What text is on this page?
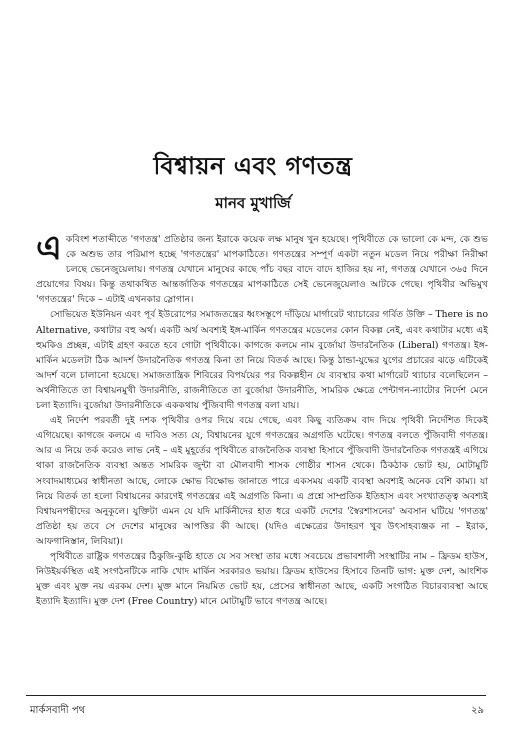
বিশ্বায়ন এবং গণতন্ত্র
মানব মুখার্জি

একবিংশ শতাব্দীতে 'গণতন্ত্র' প্রতিষ্ঠার জন্য ইরাকে কয়েক লক্ষ মানুষ খুন হয়েছে। পৃথিবীতে কে ভালো কে মন্দ, কে শুভ কে অশুভ তার পরিমাপ হচ্ছে 'গণতন্ত্রের' মাপকাঠিতে। গণতন্ত্রের সম্পূর্ণ একটা নতুন মডেল নিয়ে পরীক্ষা নিরীক্ষা চলছে ভেনেজুয়েলায়। গণতন্ত্র যেখানে মানুষের কাছে পাঁচ বছর বাদে বাদে হাজির হয় না, গণতন্ত্র যেখানে ৩৬৫ দিনে প্রয়োগের বিষয়। কিন্তু তথাকথিত আন্তর্জাতিক গণতন্ত্রের মাপকাঠিতে সেই ভেনেজুয়েলাও আটকে গেছে। পৃথিবীর অভিমুখ 'গণতন্ত্রের' দিকে – এটাই এখনকার স্লোগান।

সোভিয়েত ইউনিয়ন এবং পূর্ব ইউরোপের সমাজতন্ত্রের ধ্বংসস্তূপে দাঁড়িয়ে মার্গারেট থ্যাচারের গর্বিত উক্তি – There is no Alternative, কথাটার বহু অর্থ। একটি অর্থ অবশ্যই ইঙ্গ-মার্কিন গণতন্ত্রের মডেলের কোন বিকল্প নেই, এবং কথাটার মধ্যে এই হুমকিও প্রচ্ছন্ন, এটাই গ্রহণ করতে হবে গোটা পৃথিবীকে। কাগজে কলমে নাম বুর্জোয়া উদারনৈতিক (Liberal) গণতন্ত্র। ইঙ্গ-মার্কিন মডেলটা ঠিক আদর্শ উদারনৈতিক গণতন্ত্র কিনা তা নিয়ে বিতর্ক আছে। কিন্তু ঠান্ডা-যুদ্ধের যুগের প্রচারের ঝড়ে এটিকেই আদর্শ বলে চালানো হয়েছে। সমাজতান্ত্রিক শিবিরের বিপর্যয়ের পর বিকল্পহীন যে ব্যবস্থার কথা মার্গারেট থ্যাচার বলেছিলেন – অর্থনীতিতে তা বিশ্বায়নমুখী উদারনীতি, রাজনীতিতে তা বুর্জোয়া উদারনীতি, সামরিক ক্ষেত্রে পেন্টাগন-ন্যাটোর নির্দেশ মেনে চলা ইত্যাদি। বুর্জোয়া উদারনীতিকে এককথায় পুঁজিবাদী গণতন্ত্র বলা যায়।

এই নির্দেশ পরবর্তী দুই দশক পৃথিবীর ওপর দিয়ে বয়ে গেছে, এবং কিছু ব্যতিক্রম বাদ দিয়ে পৃথিবী নির্দেশিত দিকেই এগিয়েছে। কাগজে কলমে এ দাবিও সত্য যে, বিশ্বায়নের যুগে গণতন্ত্রের অগ্রগতি ঘটেছে। গণতন্ত্র বলতে পুঁজিবাদী গণতন্ত্র। আর এ নিয়ে তর্ক করেও লাভ নেই – এই মুহূর্তের পৃথিবীতে রাজনৈতিক ব্যবস্থা হিসাবে পুঁজিবাদী উদারনৈতিক গণতন্ত্রই এগিয়ে থাকা রাজনৈতিক ব্যবস্থা অন্তত সামরিক জুন্টা বা মৌলবাদী শাসক গোষ্ঠীর শাসন থেকে। ঠিকঠাক ভোট হয়, মোটামুটি সংবাদমাধ্যমের স্বাধীনতা আছে, লোকে ক্ষোভ বিক্ষোভ জানাতে পারে একসময় একটি ব্যবস্থা অবশ্যই অনেক বেশি কাম্য। যা নিয়ে বিতর্ক তা হলো বিশ্বায়নের কারণেই গণতন্ত্রের এই অগ্রগতি কিনা। এ প্রশ্নে সাম্প্রতিক ইতিহাস এবং সংখ্যাতত্ত্ব অবশ্যই বিশ্বায়নপন্থীদের অনুকূলে। যুক্তিটা এমন যে যদি মার্কিনীদের হাত ধরে একটি দেশের 'স্বৈরশাসনের' অবসান ঘটিয়ে 'গণতন্ত্র' প্রতিষ্ঠা হয় তবে সে দেশের মানুষের আপত্তির কী আছে। (যদিও এক্ষেত্রের উদাহরণ খুব উৎসাহব্যঞ্জক না – ইরাক, আফগানিস্তান, লিবিয়া)।

পৃথিবীতে রাষ্ট্রিক গণতন্ত্রের ঠিকুজি-কুষ্ঠি হাতে যে সব সংস্থা তার মধ্যে সবচেয়ে প্রভাবশালী সংস্থাটির নাম – ফ্রিডম হাউস, নিউইয়র্কস্থিত এই সংগঠনটিকে নাকি খোদ মার্কিন সরকারও ভয়ায়। ফ্রিডম হাউসের হিসাবে তিনটি ভাগ: মুক্ত দেশ, আংশিক মুক্ত এবং মুক্ত নয় এরকম দেশ। মুক্ত মানে নিয়মিত ভোট হয়, প্রেসের স্বাধীনতা আছে, একটি সংগঠিত বিচারব্যবস্থা আছে ইত্যাদি ইত্যাদি। মুক্ত দেশ (Free Country) মানে মোটামুটি ভাবে গণতন্ত্র আছে।

মার্কসবাদী পথ	২৯
